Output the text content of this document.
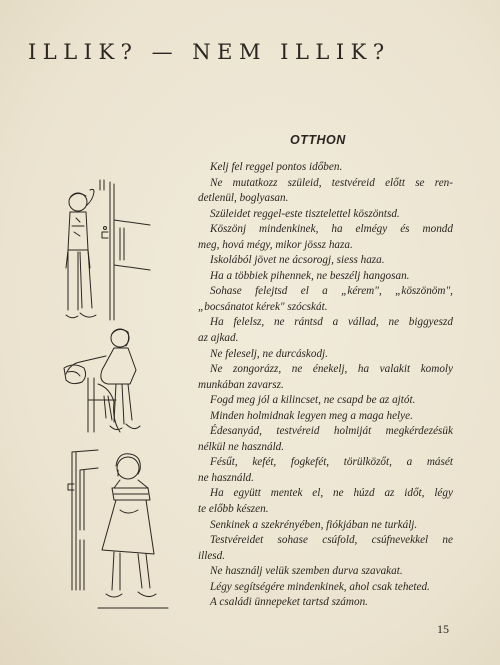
ILLIK? — NEM ILLIK?
OTTHON
Kelj fel reggel pontos időben.
Ne mutatkozz szüleid, testvéreid előtt se ren-
detlenül, boglyasan.
Szüleidet reggel-este tisztelettel köszöntsd.
Köszönj mindenkinek, ha elmégy és mondd
meg, hová mégy, mikor jössz haza.
Iskolából jövet ne ácsorogj, siess haza.
Ha a többiek pihennek, ne beszélj hangosan.
Sohase felejtsd el a „kérem", „köszönöm",
„bocsánatot kérek" szócskát.
Ha felelsz, ne rántsd a vállad, ne biggyeszd
az ajkad.
Ne feleselj, ne durcáskodj.
Ne zongorázz, ne énekelj, ha valakit komoly
munkában zavarsz.
Fogd meg jól a kilincset, ne csapd be az ajtót.
Minden holmidnak legyen meg a maga helye.
Édesanyád, testvéreid holmiját megkérdezésük
nélkül ne használd.
Fésűt, kefét, fogkefét, törülközőt, a másét
ne használd.
Ha együtt mentek el, ne húzd az időt, légy
te előbb készen.
Senkinek a szekrényében, fiókjában ne turkálj.
Testvéreidet sohase csúfold, csúfnevekkel ne
illesd.
Ne használj velük szemben durva szavakat.
Légy segítségére mindenkinek, ahol csak teheted.
A családi ünnepeket tartsd számon.
15
